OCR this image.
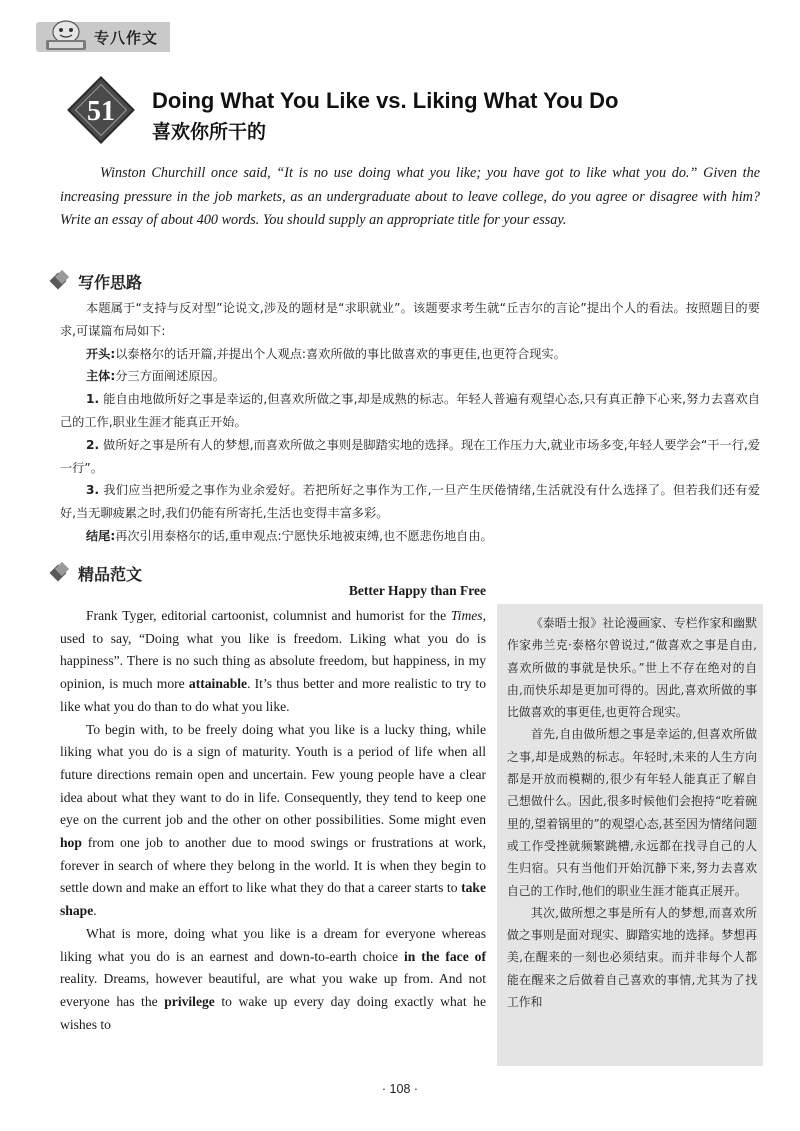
专八作文
51 Doing What You Like vs. Liking What You Do
喜欢你所干的
Winston Churchill once said, “It is no use doing what you like; you have got to like what you do.” Given the increasing pressure in the job markets, as an undergraduate about to leave college, do you agree or disagree with him? Write an essay of about 400 words. You should supply an appropriate title for your essay.
写作思路

本题属于“支持与反对型”论说文,涉及的题材是“求职就业”。该题要求考生就“丘吉尔的言论”提出个人的看法。按照题目的要求,可谋篇布局如下:

开头:以泰格尔的话开篇,并提出个人观点:喜欢所做的事比做喜欢的事更佳,也更符合现实。

主体:分三方面阐述原因。

1. 能自由地做所好之事是幸运的,但喜欢所做之事,却是成熟的标志。年轻人普遍有观望心态,只有真正静下心来,努力去喜欢自己的工作,职业生涯才能真正开始。

2. 做所好之事是所有人的梦想,而喜欢所做之事则是脚踏实地的选择。现在工作压力大,就业市场多变,年轻人要学会“干一行,爱一行”。

3. 我们应当把所爱之事作为业余爱好。若把所好之事作为工作,一旦产生厌倦情绪,生活就没有什么选择了。但若我们还有爱好,当无聊疲累之时,我们仍能有所寄托,生活也变得丰富多彩。

结尾:再次引用泰格尔的话,重申观点:宁愿快乐地被束缚,也不愿悲伤地自由。

精品范文
Better Happy than Free

Frank Tyger, editorial cartoonist, columnist and humorist for the Times, used to say, “Doing what you like is freedom. Liking what you do is happiness”. There is no such thing as absolute freedom, but happiness, in my opinion, is much more attainable. It’s thus better and more realistic to try to like what you do than to do what you like.

To begin with, to be freely doing what you like is a lucky thing, while liking what you do is a sign of maturity. Youth is a period of life when all future directions remain open and uncertain. Few young people have a clear idea about what they want to do in life. Consequently, they tend to keep one eye on the current job and the other on other possibilities. Some might even hop from one job to another due to mood swings or frustrations at work, forever in search of where they belong in the world. It is when they begin to settle down and make an effort to like what they do that a career starts to take shape.

What is more, doing what you like is a dream for everyone whereas liking what you do is an earnest and down-to-earth choice in the face of reality. Dreams, however beautiful, are what you wake up from. And not everyone has the privilege to wake up every day doing exactly what he wishes to

《泰晤士报》社论漫画家、专栏作家和幽默作家弗兰克·泰格尔曾说过,“做喜欢之事是自由,喜欢所做的事就是快乐。”世上不存在绝对的自由,而快乐却是更加可得的。因此,喜欢所做的事比做喜欢的事更佳,也更符合现实。

首先,自由做所想之事是幸运的,但喜欢所做之事,却是成熟的标志。年轻时,未来的人生方向都是开放而模糊的,很少有年轻人能真正了解自己想做什么。因此,很多时候他们会抱持“吃着碗里的,望着锅里的”的观望心态,甚至因为情绪问题或工作受挫就频繁跳槽,永远都在找寻自己的人生归宿。只有当他们开始沉静下来,努力去喜欢自己的工作时,他们的职业生涯才能真正展开。

其次,做所想之事是所有人的梦想,而喜欢所做之事则是面对现实、脚踏实地的选择。梦想再美,在醒来的一刻也必须结束。而并非每个人都能在醒来之后做着自己喜欢的事情,尤其为了找工作和

· 108 ·
